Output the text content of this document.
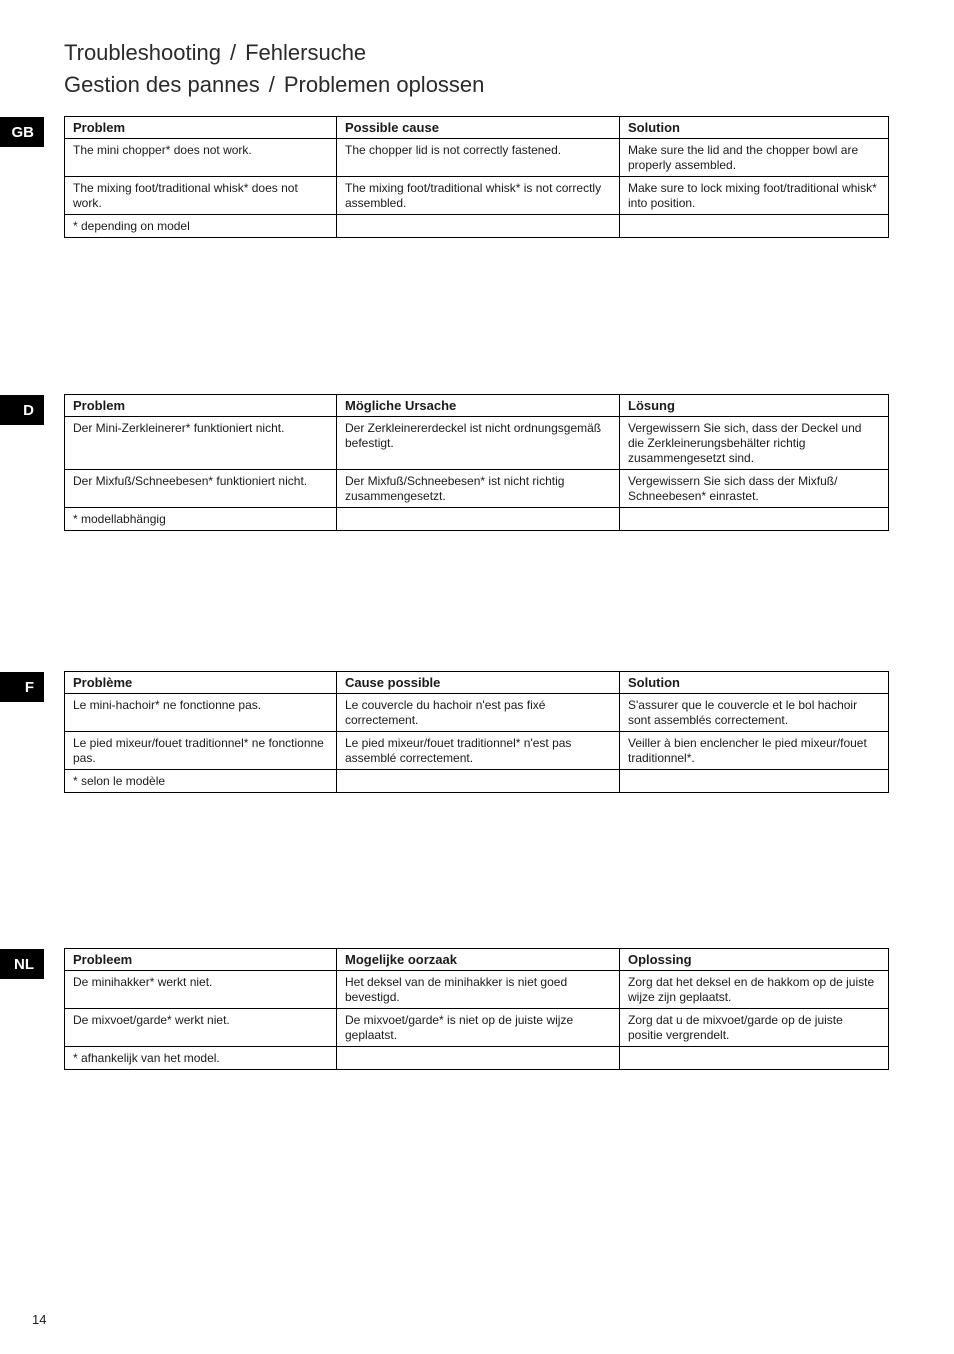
Troubleshooting / Fehlersuche
Gestion des pannes / Problemen oplossen
GB	Problem	Possible cause	Solution
The mini chopper* does not work.	The chopper lid is not correctly fastened.	Make sure the lid and the chopper bowl are properly assembled.
The mixing foot/traditional whisk* does not work.	The mixing foot/traditional whisk* is not correctly assembled.	Make sure to lock mixing foot/traditional whisk* into position.
* depending on model		
D	Problem	Mögliche Ursache	Lösung
Der Mini-Zerkleinerer* funktioniert nicht.	Der Zerkleinererdeckel ist nicht ordnungsgemäß befestigt.	Vergewissern Sie sich, dass der Deckel und die Zerkleinerungsbehälter richtig zusammengesetzt sind.
Der Mixfuß/Schneebesen* funktioniert nicht.	Der Mixfuß/Schneebesen* ist nicht richtig zusammengesetzt.	Vergewissern Sie sich dass der Mixfuß/ Schneebesen* einrastet.
* modellabhängig		
F	Problème	Cause possible	Solution
Le mini-hachoir* ne fonctionne pas.	Le couvercle du hachoir n'est pas fixé correctement.	S'assurer que le couvercle et le bol hachoir sont assemblés correctement.
Le pied mixeur/fouet traditionnel* ne fonctionne pas.	Le pied mixeur/fouet traditionnel* n'est pas assemblé correctement.	Veiller à bien enclencher le pied mixeur/fouet traditionnel*.
* selon le modèle		
NL	Probleem	Mogelijke oorzaak	Oplossing
De minihakker* werkt niet.	Het deksel van de minihakker is niet goed bevestigd.	Zorg dat het deksel en de hakkom op de juiste wijze zijn geplaatst.
De mixvoet/garde* werkt niet.	De mixvoet/garde* is niet op de juiste wijze geplaatst.	Zorg dat u de mixvoet/garde op de juiste positie vergrendelt.
* afhankelijk van het model.		
14
